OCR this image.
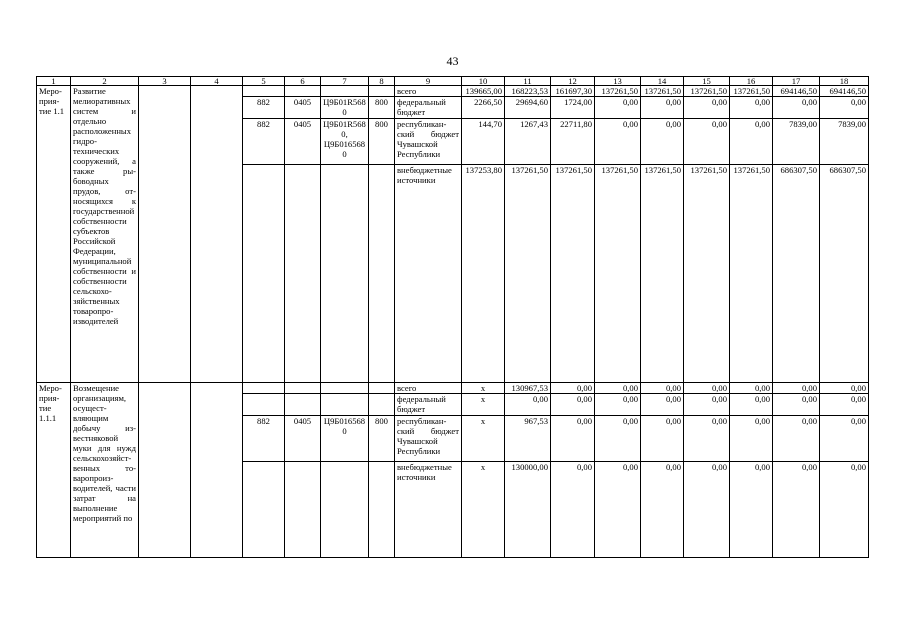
43
1	2	3	4	5	6	7	8	9	10	11	12	13	14	15	16	17	18
Мероприятие 1.1	Развитие мелиоративных систем и отдельно расположенных гидротехнических сооружений, а также рыбоводных прудов, относящихся к государственной собственности субъектов Российской Федерации, муниципальной собственности и собственности сельскохозяйственных товаропроизводителей							всего	139665,00	168223,53	161697,30	137261,50	137261,50	137261,50	137261,50	694146,50	694146,50
				882	0405	Ц9Б01R5680	800	федеральный бюджет	2266,50	29694,60	1724,00	0,00	0,00	0,00	0,00	0,00	0,00
				882	0405	Ц9Б01R5680, Ц9Б0165680	800	республиканский бюджет Чувашской Республики	144,70	1267,43	22711,80	0,00	0,00	0,00	0,00	7839,00	7839,00
								внебюджетные источники	137253,80	137261,50	137261,50	137261,50	137261,50	137261,50	137261,50	686307,50	686307,50
Мероприятие 1.1.1	Возмещение организациям, осуществляющим добычу известняковой муки для нужд сельскохозяйственных товаропроизводителей, части затрат на выполнение мероприятий по							всего	х	130967,53	0,00	0,00	0,00	0,00	0,00	0,00	0,00
								федеральный бюджет	х	0,00	0,00	0,00	0,00	0,00	0,00	0,00	0,00
				882	0405	Ц9Б0165680	800	республиканский бюджет Чувашской Республики	х	967,53	0,00	0,00	0,00	0,00	0,00	0,00	0,00
								внебюджетные источники	х	130000,00	0,00	0,00	0,00	0,00	0,00	0,00	0,00
